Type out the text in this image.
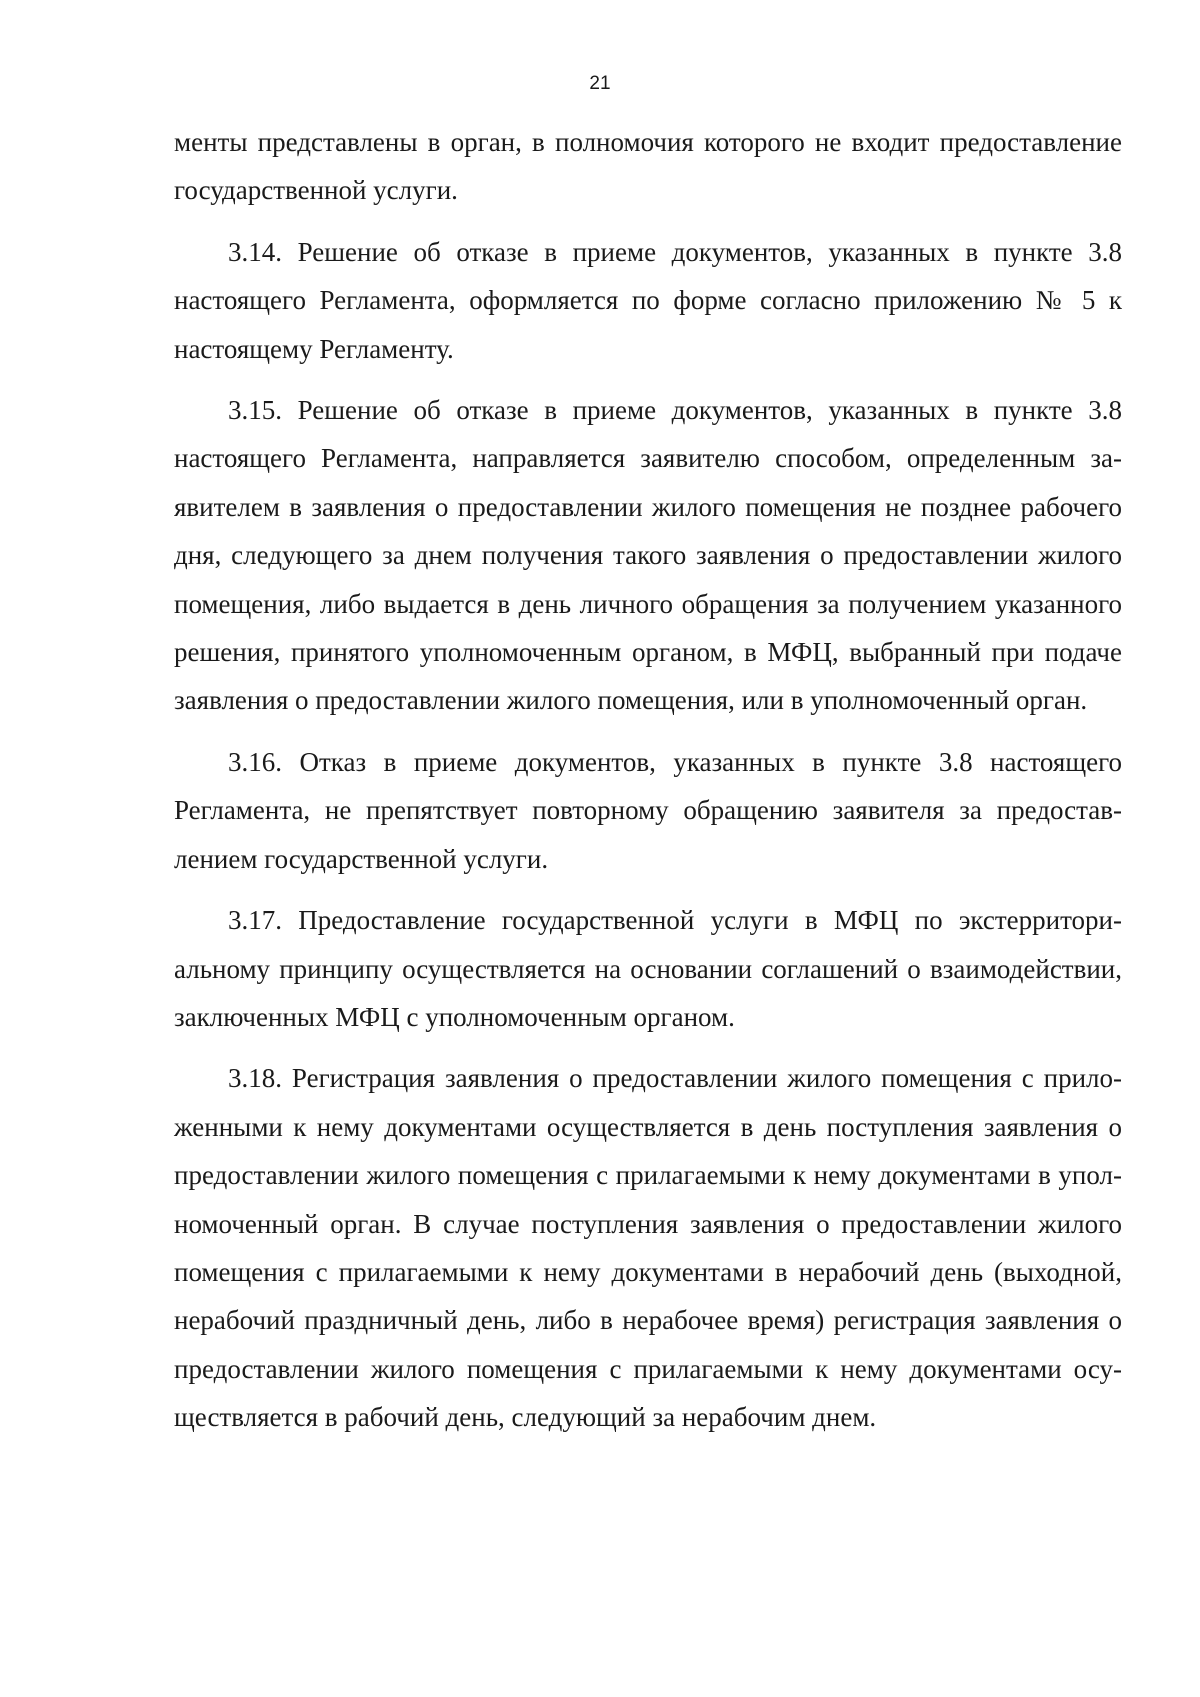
21

менты представлены в орган, в полномочия которого не входит предоставление государственной услуги.

3.14. Решение об отказе в приеме документов, указанных в пункте 3.8 настоящего Регламента, оформляется по форме согласно приложению № 5 к настоящему Регламенту.

3.15. Решение об отказе в приеме документов, указанных в пункте 3.8 настоящего Регламента, направляется заявителю способом, определенным заявителем в заявления о предоставлении жилого помещения не позднее рабочего дня, следующего за днем получения такого заявления о предоставлении жилого помещения, либо выдается в день личного обращения за получением указанного решения, принятого уполномоченным органом, в МФЦ, выбранный при подаче заявления о предоставлении жилого помещения, или в уполномоченный орган.

3.16. Отказ в приеме документов, указанных в пункте 3.8 настоящего Регламента, не препятствует повторному обращению заявителя за предоставлением государственной услуги.

3.17. Предоставление государственной услуги в МФЦ по экстерриториальному принципу осуществляется на основании соглашений о взаимодействии, заключенных МФЦ с уполномоченным органом.

3.18. Регистрация заявления о предоставлении жилого помещения с приложенными к нему документами осуществляется в день поступления заявления о предоставлении жилого помещения с прилагаемыми к нему документами в уполномоченный орган. В случае поступления заявления о предоставлении жилого помещения с прилагаемыми к нему документами в нерабочий день (выходной, нерабочий праздничный день, либо в нерабочее время) регистрация заявления о предоставлении жилого помещения с прилагаемыми к нему документами осуществляется в рабочий день, следующий за нерабочим днем.
